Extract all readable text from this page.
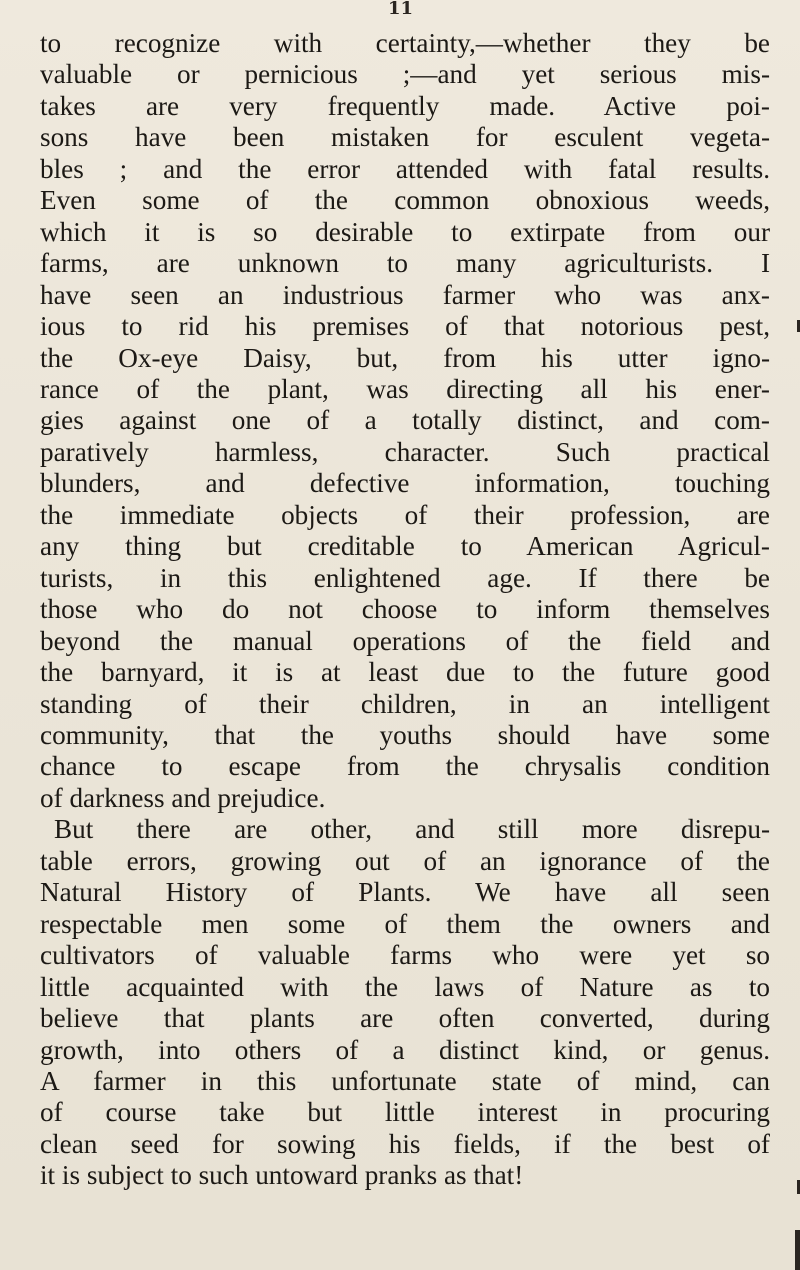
11
to recognize with certainty,—whether they be
valuable or pernicious ;—and yet serious mis-
takes are very frequently made. Active poi-
sons have been mistaken for esculent vegeta-
bles ; and the error attended with fatal results.
Even some of the common obnoxious weeds,
which it is so desirable to extirpate from our
farms, are unknown to many agriculturists. I
have seen an industrious farmer who was anx-
ious to rid his premises of that notorious pest,
the Ox-eye Daisy, but, from his utter igno-
rance of the plant, was directing all his ener-
gies against one of a totally distinct, and com-
paratively harmless, character. Such practical
blunders, and defective information, touching
the immediate objects of their profession, are
any thing but creditable to American Agricul-
turists, in this enlightened age. If there be
those who do not choose to inform themselves
beyond the manual operations of the field and
the barnyard, it is at least due to the future good
standing of their children, in an intelligent
community, that the youths should have some
chance to escape from the chrysalis condition
of darkness and prejudice.
But there are other, and still more disrepu-
table errors, growing out of an ignorance of the
Natural History of Plants. We have all seen
respectable men some of them the owners and
cultivators of valuable farms who were yet so
little acquainted with the laws of Nature as to
believe that plants are often converted, during
growth, into others of a distinct kind, or genus.
A farmer in this unfortunate state of mind, can
of course take but little interest in procuring
clean seed for sowing his fields, if the best of
it is subject to such untoward pranks as that!
